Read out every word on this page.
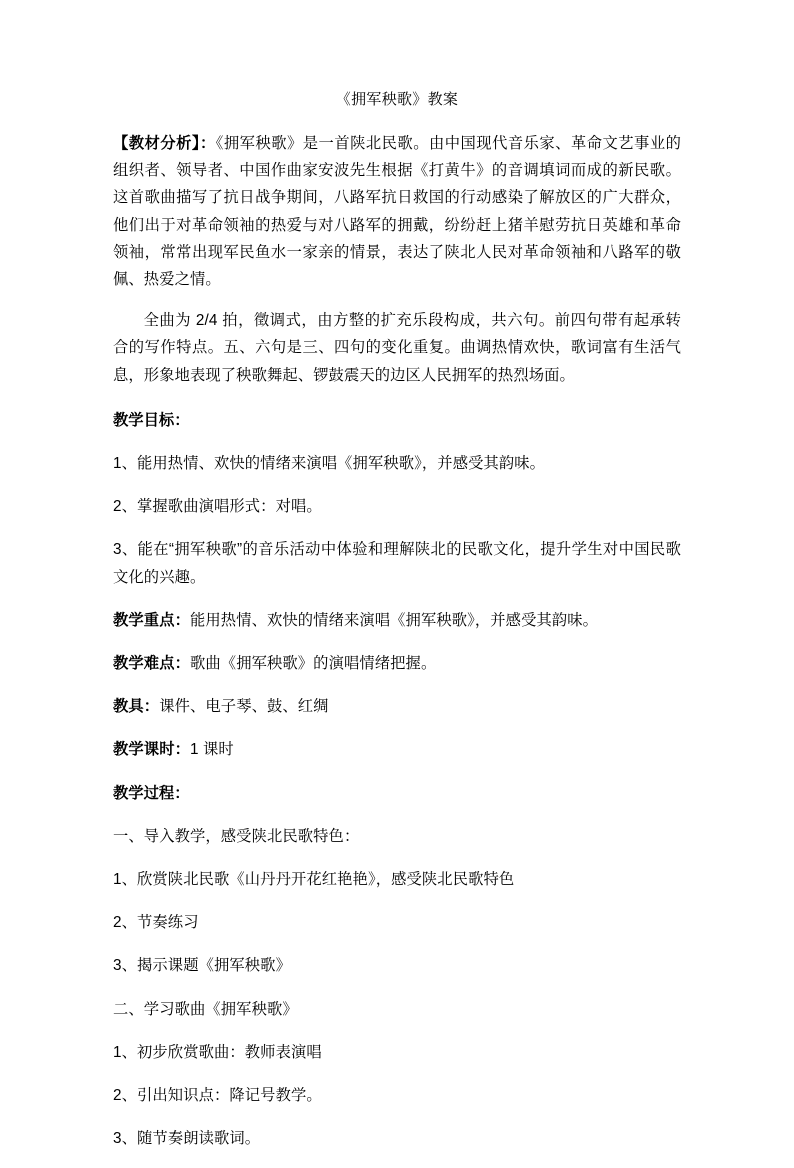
《拥军秧歌》教案

【教材分析】：《拥军秧歌》是一首陕北民歌。由中国现代音乐家、革命文艺事业的组织者、领导者、中国作曲家安波先生根据《打黄牛》的音调填词而成的新民歌。这首歌曲描写了抗日战争期间，八路军抗日救国的行动感染了解放区的广大群众，他们出于对革命领袖的热爱与对八路军的拥戴，纷纷赶上猪羊慰劳抗日英雄和革命领袖，常常出现军民鱼水一家亲的情景，表达了陕北人民对革命领袖和八路军的敬佩、热爱之情。

全曲为 2/4 拍，徵调式，由方整的扩充乐段构成，共六句。前四句带有起承转合的写作特点。五、六句是三、四句的变化重复。曲调热情欢快，歌词富有生活气息，形象地表现了秧歌舞起、锣鼓震天的边区人民拥军的热烈场面。

教学目标：
1、能用热情、欢快的情绪来演唱《拥军秧歌》，并感受其韵味。
2、掌握歌曲演唱形式：对唱。
3、能在“拥军秧歌”的音乐活动中体验和理解陕北的民歌文化，提升学生对中国民歌文化的兴趣。
教学重点：能用热情、欢快的情绪来演唱《拥军秧歌》，并感受其韵味。
教学难点：歌曲《拥军秧歌》的演唱情绪把握。
教具：课件、电子琴、鼓、红绸
教学课时：1 课时
教学过程：
一、导入教学，感受陕北民歌特色：
1、欣赏陕北民歌《山丹丹开花红艳艳》，感受陕北民歌特色
2、节奏练习
3、揭示课题《拥军秧歌》
二、学习歌曲《拥军秧歌》
1、初步欣赏歌曲：教师表演唱
2、引出知识点：降记号教学。
3、随节奏朗读歌词。
